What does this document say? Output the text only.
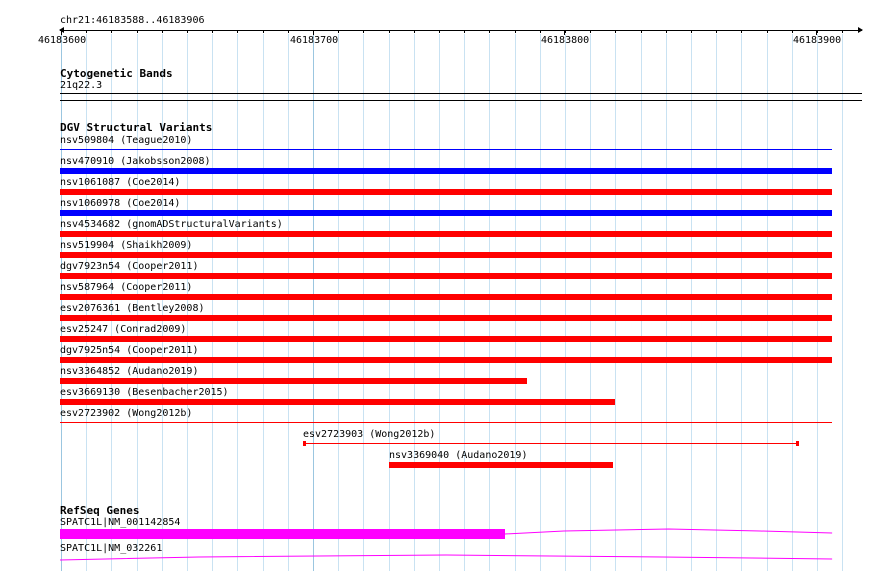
chr21:46183588..46183906
46183600	46183700	46183800	46183900
Cytogenetic Bands
21q22.3
DGV Structural Variants
nsv509804 (Teague2010)
nsv470910 (Jakobsson2008)
nsv1061087 (Coe2014)
nsv1060978 (Coe2014)
nsv4534682 (gnomADStructuralVariants)
nsv519904 (Shaikh2009)
dgv7923n54 (Cooper2011)
nsv587964 (Cooper2011)
esv2076361 (Bentley2008)
esv25247 (Conrad2009)
dgv7925n54 (Cooper2011)
nsv3364852 (Audano2019)
esv3669130 (Besenbacher2015)
esv2723902 (Wong2012b)
esv2723903 (Wong2012b)
nsv3369040 (Audano2019)
RefSeq Genes
SPATC1L|NM_001142854
SPATC1L|NM_032261
